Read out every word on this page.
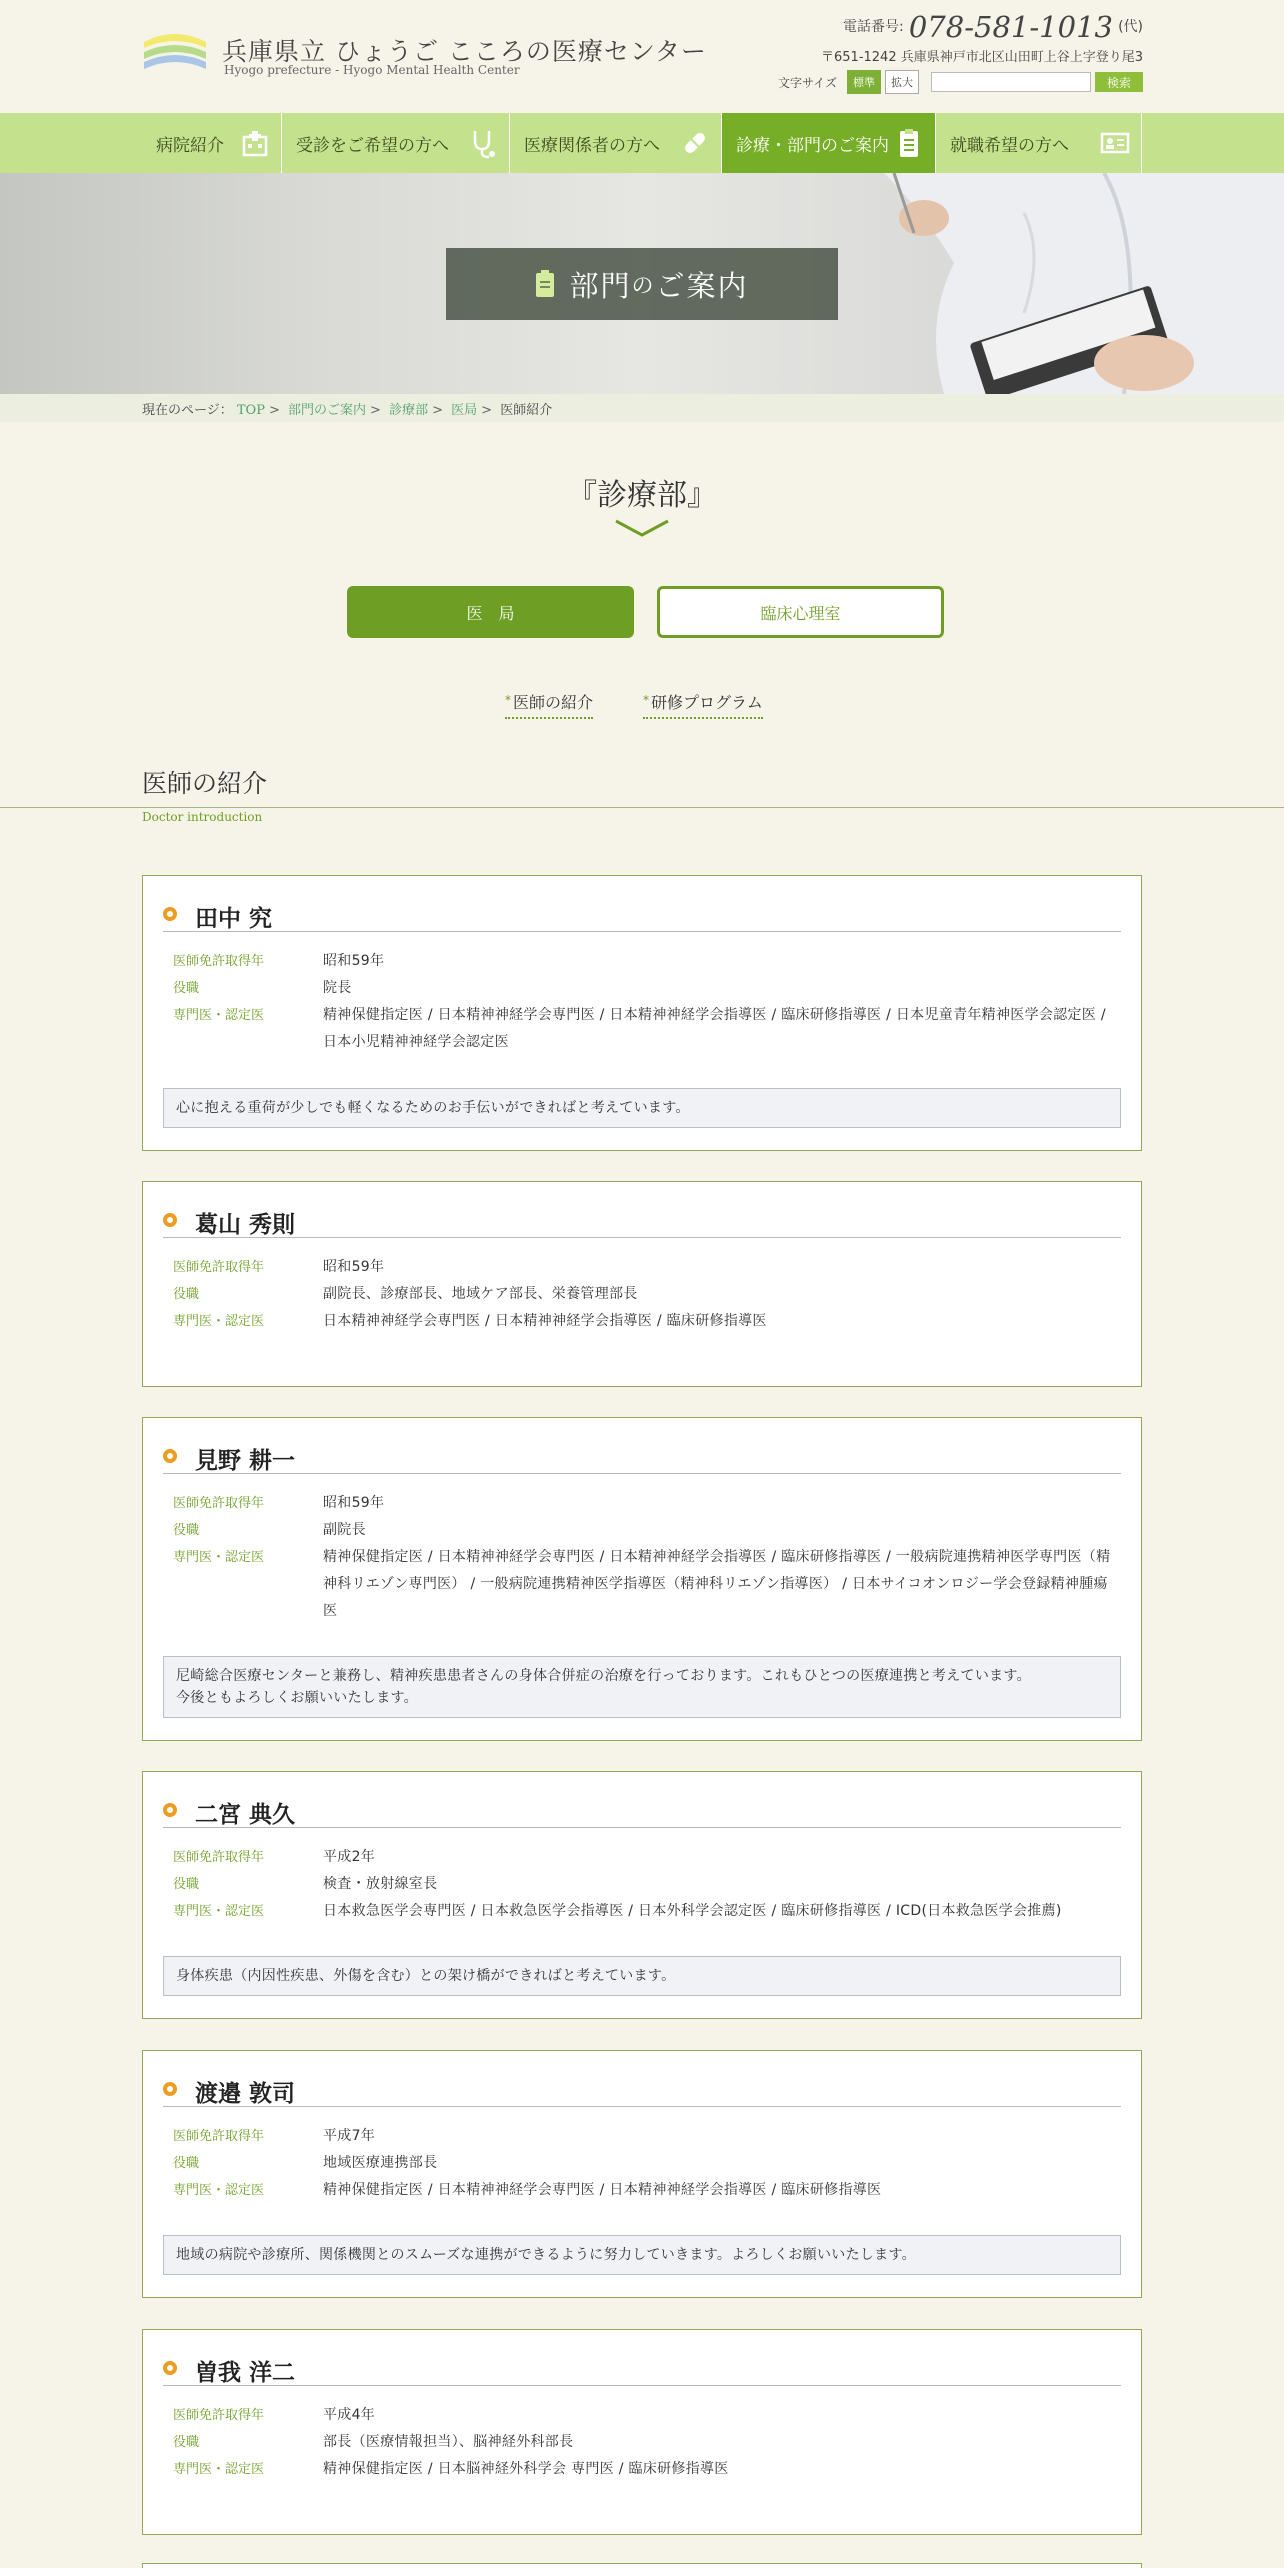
兵庫県立 ひょうご こころの医療センター
Hyogo prefecture - Hyogo Mental Health Center
電話番号: 078-581-1013 (代)
〒651-1242 兵庫県神戸市北区山田町上谷上字登り尾3
文字サイズ	標準	拡大	検索
病院紹介	受診をご希望の方へ	医療関係者の方へ	診療・部門のご案内	就職希望の方へ
部門 の ご案内
現在のページ： TOP > 部門のご案内 > 診療部 > 医局 > 医師紹介
『診療部』
医　局	臨床心理室
* 医師の紹介	* 研修プログラム
医師の紹介
Doctor introduction
田中 究
医師免許取得年	昭和59年
役職	院長
専門医・認定医	精神保健指定医 / 日本精神神経学会専門医 / 日本精神神経学会指導医 / 臨床研修指導医 / 日本児童青年精神医学会認定医 / 日本小児精神神経学会認定医
心に抱える重荷が少しでも軽くなるためのお手伝いができればと考えています。
葛山 秀則
医師免許取得年	昭和59年
役職	副院長、診療部長、地域ケア部長、栄養管理部長
専門医・認定医	日本精神神経学会専門医 / 日本精神神経学会指導医 / 臨床研修指導医
見野 耕一
医師免許取得年	昭和59年
役職	副院長
専門医・認定医	精神保健指定医 / 日本精神神経学会専門医 / 日本精神神経学会指導医 / 臨床研修指導医 / 一般病院連携精神医学専門医（精神科リエゾン専門医） / 一般病院連携精神医学指導医（精神科リエゾン指導医） / 日本サイコオンロジー学会登録精神腫瘍医
尼崎総合医療センターと兼務し、精神疾患患者さんの身体合併症の治療を行っております。これもひとつの医療連携と考えています。
今後ともよろしくお願いいたします。
二宮 典久
医師免許取得年	平成2年
役職	検査・放射線室長
専門医・認定医	日本救急医学会専門医 / 日本救急医学会指導医 / 日本外科学会認定医 / 臨床研修指導医 / ICD(日本救急医学会推薦)
身体疾患（内因性疾患、外傷を含む）との架け橋ができればと考えています。
渡邉 敦司
医師免許取得年	平成7年
役職	地域医療連携部長
専門医・認定医	精神保健指定医 / 日本精神神経学会専門医 / 日本精神神経学会指導医 / 臨床研修指導医
地域の病院や診療所、関係機関とのスムーズな連携ができるように努力していきます。よろしくお願いいたします。
曽我 洋二
医師免許取得年	平成4年
役職	部長（医療情報担当）、脳神経外科部長
専門医・認定医	精神保健指定医 / 日本脳神経外科学会 専門医 / 臨床研修指導医
